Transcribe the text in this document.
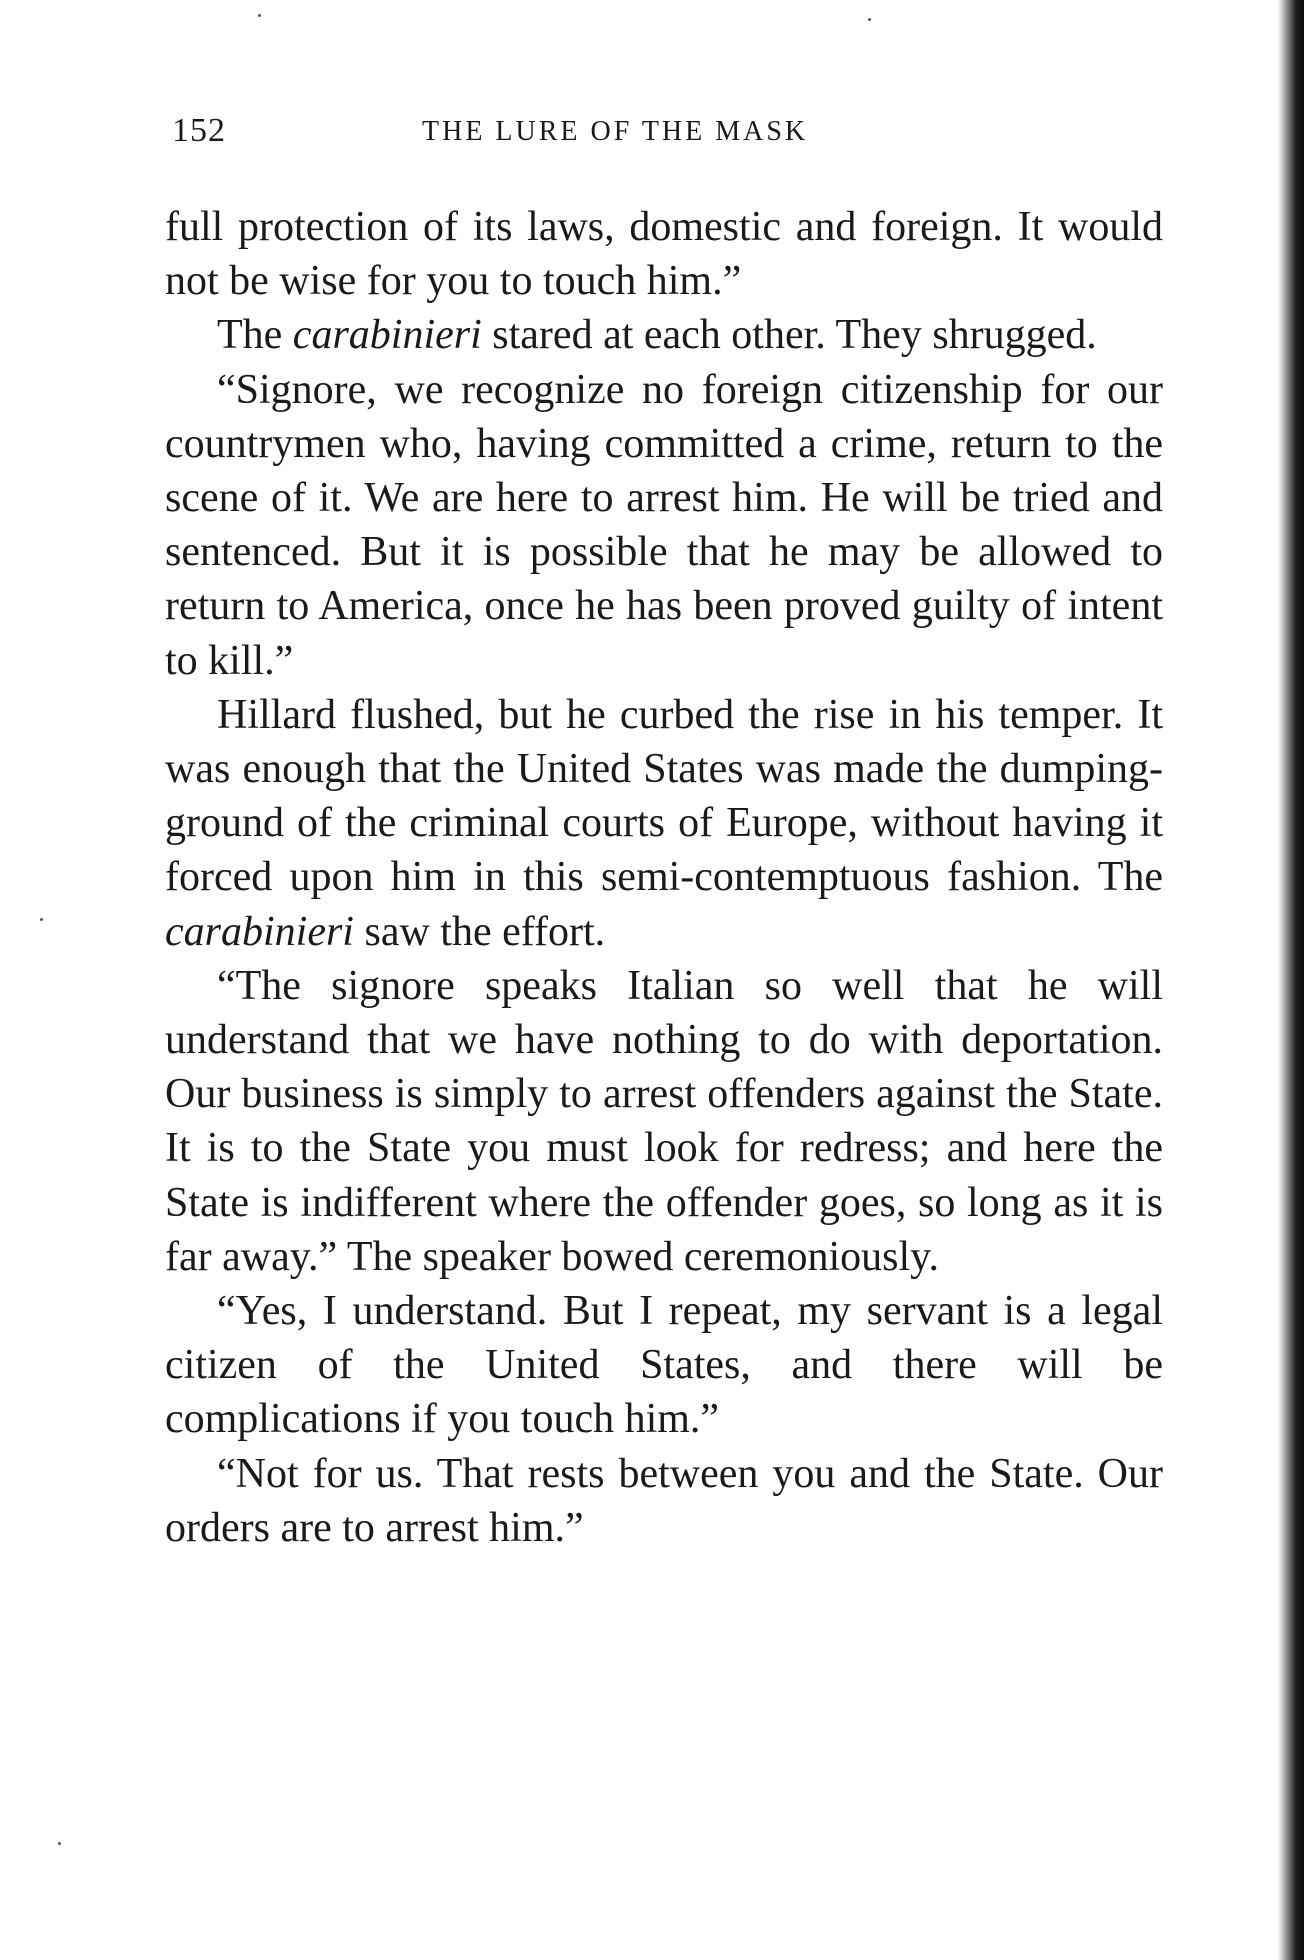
152	THE LURE OF THE MASK

full protection of its laws, domestic and foreign. It would not be wise for you to touch him.”

The carabinieri stared at each other. They shrugged.

“Signore, we recognize no foreign citizenship for our countrymen who, having committed a crime, return to the scene of it. We are here to arrest him. He will be tried and sentenced. But it is possible that he may be allowed to return to America, once he has been proved guilty of intent to kill.”

Hillard flushed, but he curbed the rise in his temper. It was enough that the United States was made the dumping-ground of the criminal courts of Europe, without having it forced upon him in this semi-contemptuous fashion. The carabinieri saw the effort.

“The signore speaks Italian so well that he will understand that we have nothing to do with deportation. Our business is simply to arrest offenders against the State. It is to the State you must look for redress; and here the State is indifferent where the offender goes, so long as it is far away.” The speaker bowed ceremoniously.

“Yes, I understand. But I repeat, my servant is a legal citizen of the United States, and there will be complications if you touch him.”

“Not for us. That rests between you and the State. Our orders are to arrest him.”
